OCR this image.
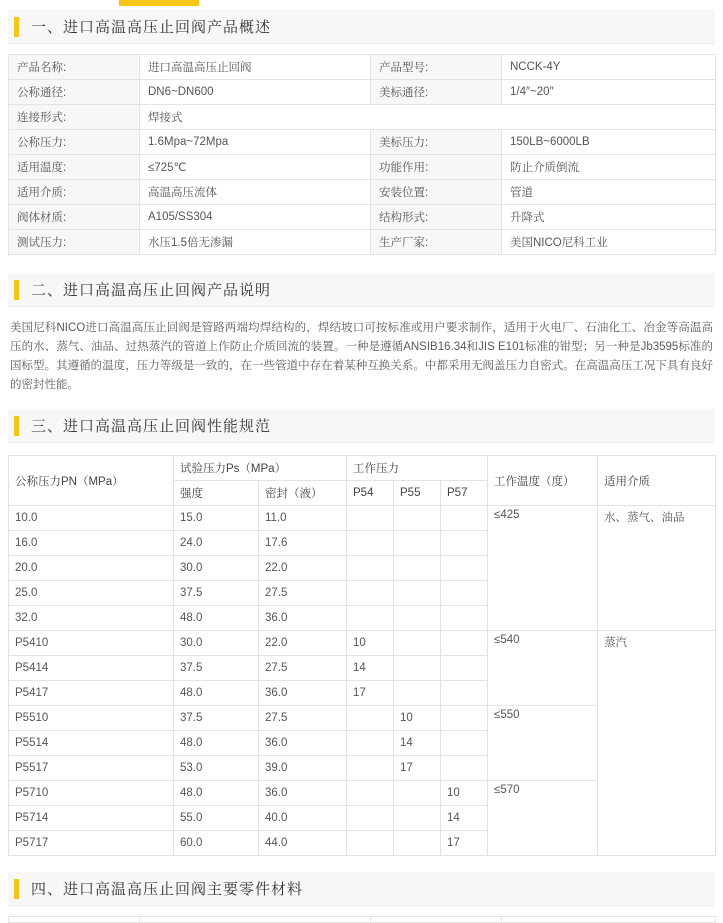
一、进口高温高压止回阀产品概述
产品名称:	进口高温高压止回阀	产品型号:	NCCK-4Y
公称通径:	DN6~DN600	美标通径:	1/4″~20″
连接形式:	焊接式		
公称压力:	1.6Mpa~72Mpa	美标压力:	150LB~6000LB
适用温度:	≤725℃	功能作用:	防止介质倒流
适用介质:	高温高压流体	安装位置:	管道
阀体材质:	A105/SS304	结构形式:	升降式
测试压力:	水压1.5倍无渗漏	生产厂家:	美国NICO尼科工业
二、进口高温高压止回阀产品说明
美国尼科NICO进口高温高压止回阀是管路两端均焊结构的，焊结坡口可按标准或用户要求制作，适用于火电厂、石油化工、冶金等高温高压的水、蒸气、油品、过热蒸汽的管道上作防止介质回流的装置。一种是遵循ANSIB16.34和JIS E101标准的钳型；另一种是Jb3595标准的国标型。其遵循的温度，压力等级是一致的，在一些管道中存在着某种互换关系。中都采用无阀盖压力自密式。在高温高压工况下具有良好的密封性能。
三、进口高温高压止回阀性能规范
公称压力PN（MPa）	试验压力Ps（MPa）		工作压力			工作温度（度）	适用介质
	强度	密封（液）	P54	P55	P57		
10.0	15.0	11.0				≤425	水、蒸气、油品
16.0	24.0	17.6					
20.0	30.0	22.0					
25.0	37.5	27.5					
32.0	48.0	36.0					
P5410	30.0	22.0	10			≤540	蒸汽
P5414	37.5	27.5	14				
P5417	48.0	36.0	17				
P5510	37.5	27.5		10		≤550	
P5514	48.0	36.0		14			
P5517	53.0	39.0		17			
P5710	48.0	36.0			10	≤570	
P5714	55.0	40.0			14		
P5717	60.0	44.0			17		
四、进口高温高压止回阀主要零件材料
